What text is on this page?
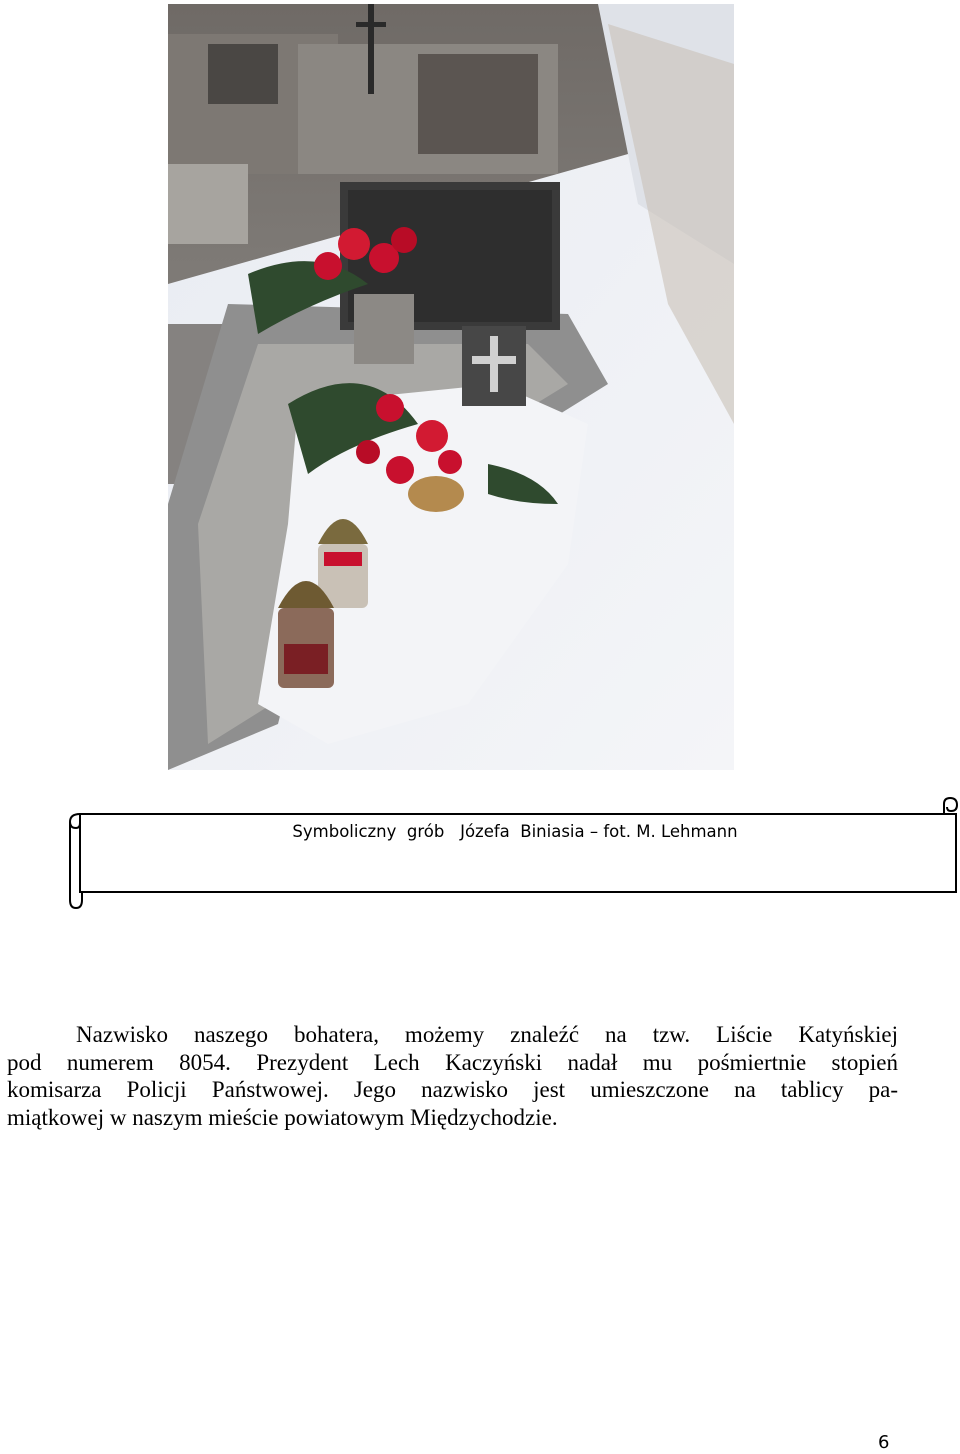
Symboliczny  grób   Józefa  Biniasia – fot. M. Lehmann
Nazwisko naszego bohatera, możemy znaleźć na tzw. Liście Katyńskiej
pod numerem 8054. Prezydent Lech Kaczyński nadał mu pośmiertnie stopień
komisarza Policji Państwowej. Jego nazwisko jest umieszczone na tablicy pa-
miątkowej w naszym mieście powiatowym Międzychodzie.
6
